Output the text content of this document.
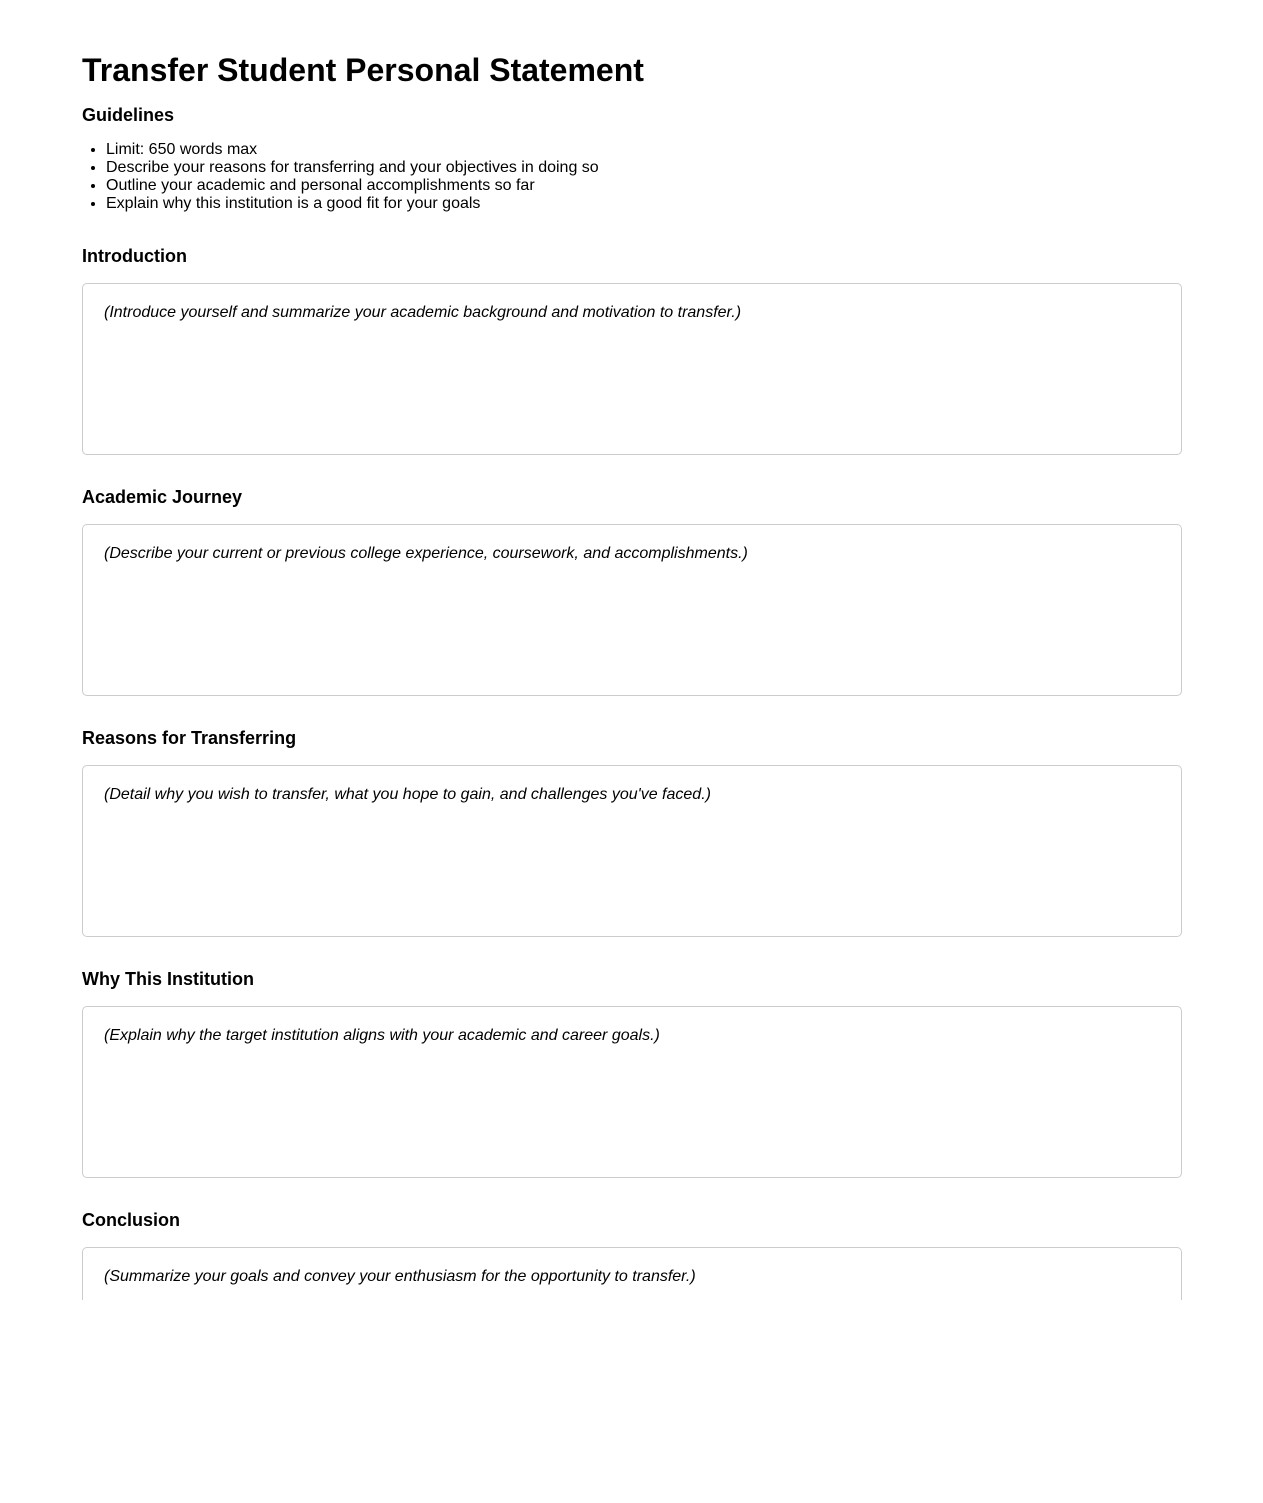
Transfer Student Personal Statement
Guidelines
• Limit: 650 words max
• Describe your reasons for transferring and your objectives in doing so
• Outline your academic and personal accomplishments so far
• Explain why this institution is a good fit for your goals
Introduction
(Introduce yourself and summarize your academic background and motivation to transfer.)
Academic Journey
(Describe your current or previous college experience, coursework, and accomplishments.)
Reasons for Transferring
(Detail why you wish to transfer, what you hope to gain, and challenges you've faced.)
Why This Institution
(Explain why the target institution aligns with your academic and career goals.)
Conclusion
(Summarize your goals and convey your enthusiasm for the opportunity to transfer.)
